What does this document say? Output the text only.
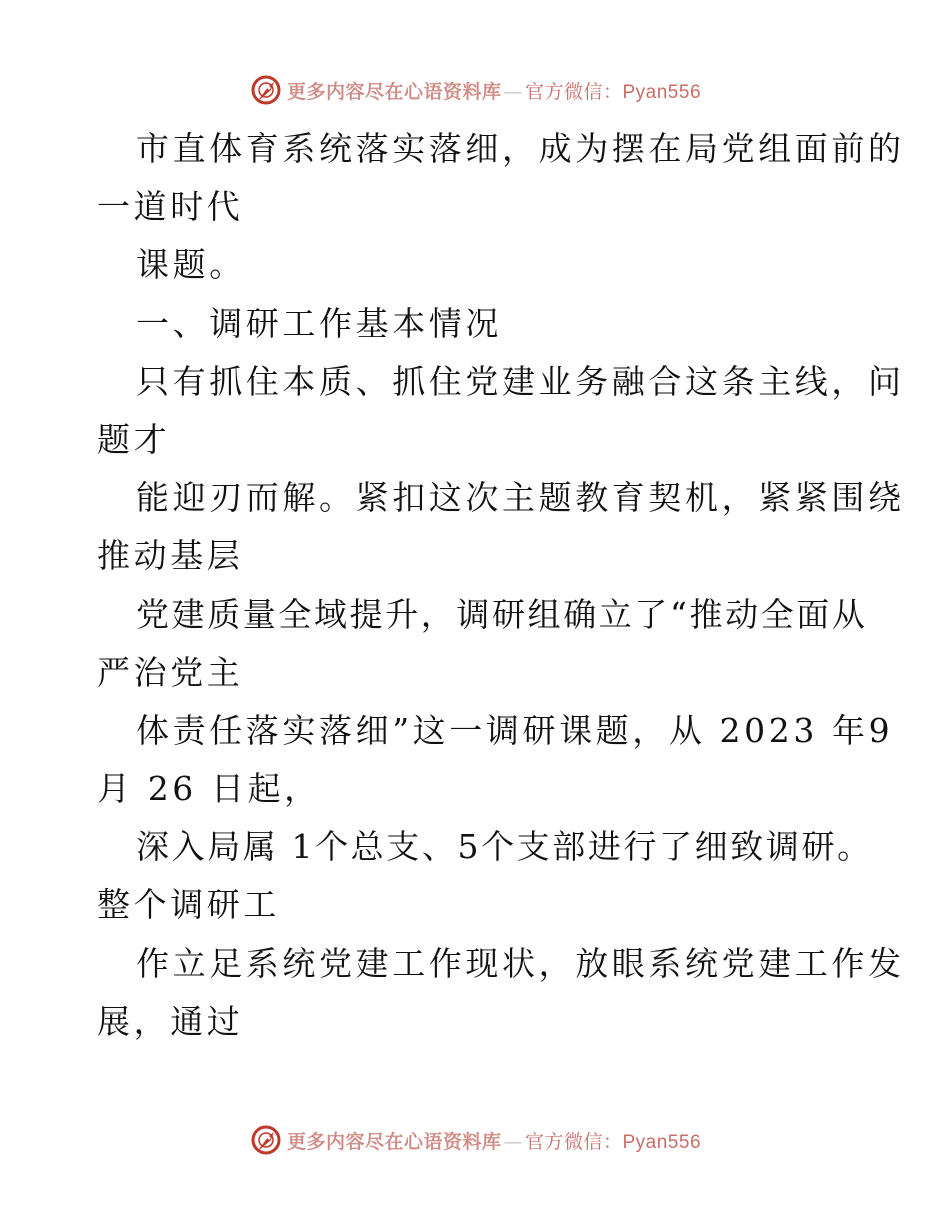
更多内容尽在心语资料库 — 官方微信： Pyan556
市直体育系统落实落细，成为摆在局党组面前的
一道时代
课题。
一、调研工作基本情况
只有抓住本质、抓住党建业务融合这条主线，问
题才
能迎刃而解。紧扣这次主题教育契机，紧紧围绕
推动基层
党建质量全域提升，调研组确立了“推动全面从
严治党主
体责任落实落细”这一调研课题，从 2023 年9
月 26 日起，
深入局属 1个总支、5个支部进行了细致调研。
整个调研工
作立足系统党建工作现状，放眼系统党建工作发
展，通过
更多内容尽在心语资料库 — 官方微信： Pyan556
